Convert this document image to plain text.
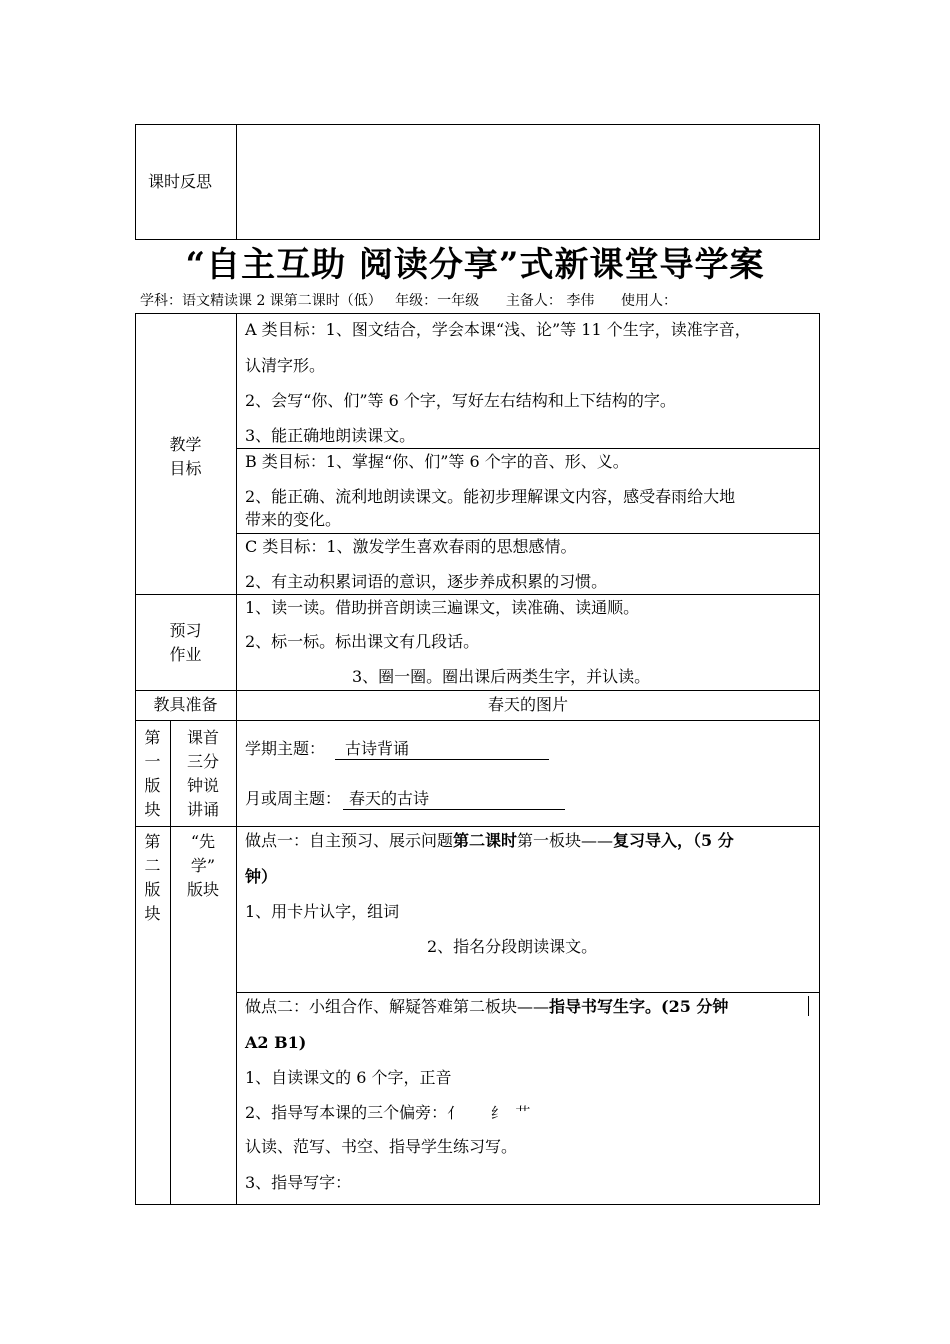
课时反思
“自主互助 阅读分享”式新课堂导学案
学科：语文精读课 2 课第二课时（低） 年级：一年级 主备人： 李伟 使用人：
教学
目标
A 类目标：1、图文结合，学会本课“浅、论”等 11 个生字，读准字音，
认清字形。
2、会写“你、们”等 6 个字，写好左右结构和上下结构的字。
3、能正确地朗读课文。
B 类目标：1、掌握“你、们”等 6 个字的音、形、义。
2、能正确、流利地朗读课文。能初步理解课文内容，感受春雨给大地
带来的变化。
C 类目标：1、激发学生喜欢春雨的思想感情。
2、有主动积累词语的意识，逐步养成积累的习惯。
预习
作业
1、读一读。借助拼音朗读三遍课文，读准确、读通顺。
2、标一标。标出课文有几段话。
3、圈一圈。圈出课后两类生字，并认读。
教具准备	春天的图片
第
一
版
块
课首
三分
钟说
讲诵
学期主题： 古诗背诵
月或周主题： 春天的古诗
第
二
版
块
“先
学”
版块
做点一：自主预习、展示问题第二课时第一板块——复习导入，（5 分
钟）
1、用卡片认字，组词
2、指名分段朗读课文。
做点二：小组合作、解疑答难第二板块——指导书写生字。(25 分钟
A2 B1)
1、自读课文的 6 个字，正音
2、指导写本课的三个偏旁：亻      纟  艹
认读、范写、书空、指导学生练习写。
3、指导写字：
